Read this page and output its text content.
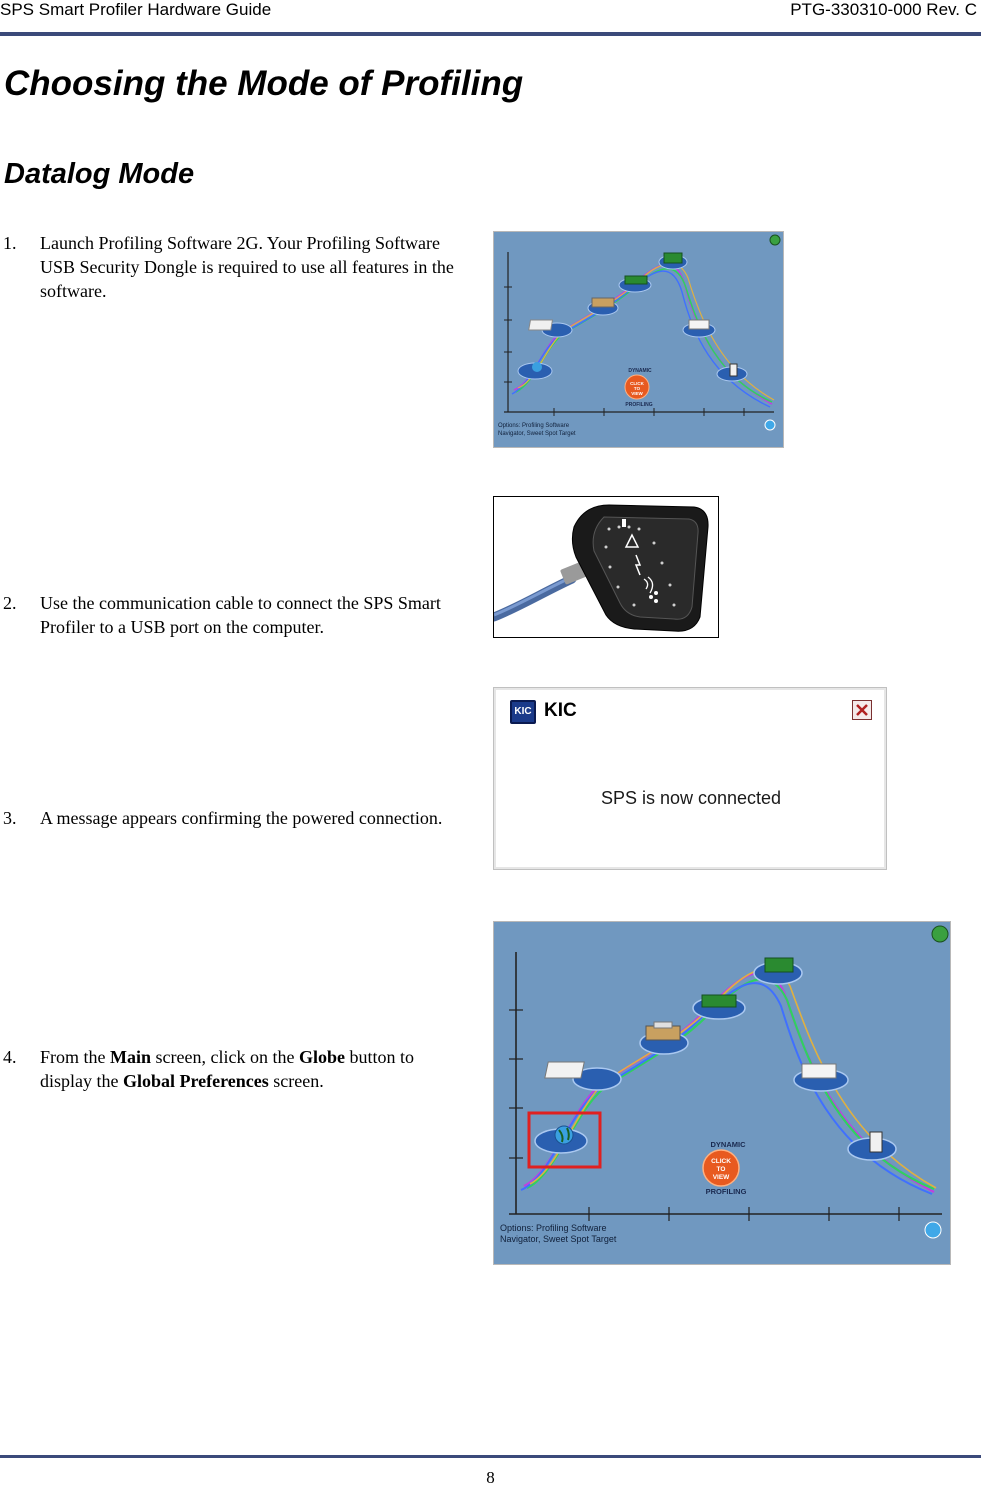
SPS Smart Profiler Hardware Guide	PTG-330310-000 Rev. C
Choosing the Mode of Profiling
Datalog Mode
1. Launch Profiling Software 2G. Your Profiling Software USB Security Dongle is required to use all features in the software.
2. Use the communication cable to connect the SPS Smart Profiler to a USB port on the computer.
3. A message appears confirming the powered connection.
4. From the Main screen, click on the Globe button to display the Global Preferences screen.
CLICK
TO
VIEW
DYNAMIC
PROFILING
Options: Profiling Software
Navigator, Sweet Spot Target
KIC KIC
SPS is now connected
CLICK
TO
VIEW
DYNAMIC
PROFILING
Options: Profiling Software
Navigator, Sweet Spot Target
8
